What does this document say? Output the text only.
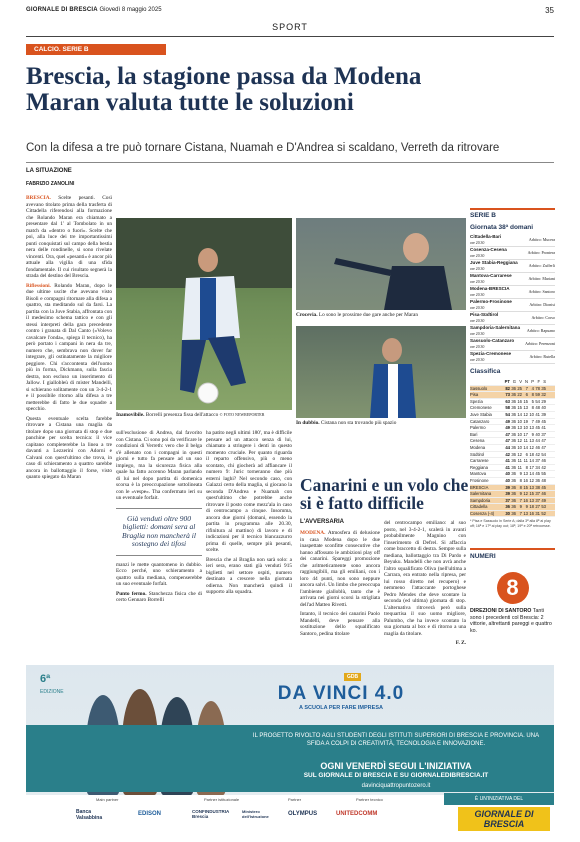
GIORNALE DI BRESCIA Giovedì 8 maggio 2025	35
SPORT
CALCIO. SERIE B
Brescia, la stagione passa da Modena
Maran valuta tutte le soluzioni
Con la difesa a tre può tornare Cistana, Nuamah e D'Andrea si scaldano, Verreth da ritrovare
LA SITUAZIONE
FABRIZIO ZANOLINI

BRESCIA. Scelte pesanti. Così avevano titolato prima della trasferta di Cittadella riferendosi alla formazione che Rolando Maran era chiamato a presentare dal 1' al Tombolato in un match da «dentro o fuori». Scelte che poi, alla luce dei tre importantissimi punti conquistati sul campo della bestia nera delle rondinelle, si sono rivelate vincenti. Ora, quel «pesanti» è ancor più attuale alla vigilia di una sfida fondamentale. Il cui risultato segnerà la strada del destino del Brescia.

Riflessioni. Rolando Maran, dopo le due ultime uscite che avevano visto Bisoli e compagni ritornare alla difesa a quattro, sta meditando sul da farsi. La partita con la Juve Stabia, affrontata con il medesimo schema tattico e con gli stessi interpreti della gara precedente contro i granata di Dal Canto («Volevo cavalcare l'onda», spiega il tecnico), ha però portato i campani in nera da tre, numero che, sembrava non dover far integrare, gli ostinatamente la migliore peggiore. Chi s'accontenta dell'uomo più in forma, Dickmann, sulla fascia destra, non escluso un inserimento di Jallow. I giallobleù di mister Mandelli, si schierano solitamente con un 3-4-2-1 e il possibile ritorno alla difesa a tre metterebbe di fatto le due squadre a specchio.

Questa eventuale scelta farebbe ritrovare a Cistana una maglia da titolare dopo una giornata di stop e due panchine per scelta tecnica: il vice capitano completerebbe la linea a tre davanti a Lezzerini con Adorni e Calvani con quest'ultimo che trova, in caso di schieramento a quattro sarebbe ancora in ballottaggio il forse, visto quanto spiegato da Maran

Inamovibile. Borrelli presenza fissa dell'attacco © FOTO NEWREPORTER
Croceviа. Lo sono le prossime due gare anche per Maran
In dubbio. Cistana non sta trovando più spazio

sull'esclusione di Andrea, dal favorito con Cistana. Ci sono poi da verificare le condizioni di Verreth: vero che il belga s'è allenato con i compagni in questi giorni e tutto fa pensare ad un suo impiego, ma la sicurezza fisica alla quale ha fatto accenno Maran parlando di lui nel dopo partita di domenica scorsa è la preoccupazione sottolineata con le «vespe». Tha confermato ieri su un eventuale forfait.

Già venduti oltre 900 biglietti: domani sera al Braglia non mancherà il sostegno dei tifosi

manzi le mette quantomeno in dubbio. Ecco perché, uno schieramento a quattro sulla mediana, compenserebbe un suo eventuale forfait.

Punto fermo. Stanchezza fisica che di certo Gennaro Borrelli

ha patito negli ultimi 180', ma è difficile pensare ad un attacco senza di lui, chiamato a stringere i denti in questo momento cruciale. Per quanto riguarda il reparto offensivo, più o meno scontato, chi giocherà ad affiancare il numero 9: Juric torneranno due più esterni laghi? Nel secondo caso, con Galazzi certo della maglia, si giocano la seconda D'Andrea e Nuamah con quest'ultimo che potrebbe anche ritrovare il posto come mezz'ala in caso di centrocampo a cinque. Insomma, ancora due giorni (domani, essendo la partita in programma alle 20.30, rifinitura al mattino) di lavoro e di indicazioni per il tecnico biancazzurro prima di quelle, sempre più pesanti, scelte.

Brescia che al Braglia non sarà solo: a ieri sera, erano stati già venduti 915 biglietti nel settore ospiti, numero destinato a crescere nella giornata odierna. Non mancherà quindi il supporto alla squadra.

Canarini e un volo che si è fatto difficile
L'AVVERSARIA

MODENA. Atmosfera di delusione in casa Modena dopo le due inaspettate sconfitte consecutive che hanno affossato le ambizioni play off dei canarini. Spareggi promozione che aritmeticamente sono ancora raggiungibili, ma gli emiliani, con i loro 44 punti, non sono neppure ancora salvi. Un limbo che preoccupa l'ambiente gialloblù, tanto che è arrivata nei giorni scorsi la strigliata dell'ad Matteo Rivetti.

Intanto, il tecnico dei canarini Paolo Mandelli, deve pensare alla sostituzione dello squalificato Santoro, pedina titolare

del centrocampo emiliano: al suo posto, nel 3-4-2-1, scalerà in avanti probabilmente Magnino con l'inserimento di Defrel. Si affaccia come braccetto di destra. Sempre sulla mediana, ballottaggio tra Di Pardo e Beyuku. Mandelli che non avrà anche l'altro squalificato Oliva (nell'ultima a Carrara, era entrato nella ripresa, per lui rosso diretto nel recupero) e nemmeno l'attaccante portoghese Pedro Mendes che deve scontare la seconda (ed ultima) giornata di stop. L'alternativa ritroverà però sulla trequartisa il suo uomo migliore, Palumbo, che ha invece scontato la sua giornata al box e di ritorno a una maglia da titolare.

F. Z.

SERIE B
Giornata 38ª domani
Cittadella-Bari
ore 20.30
Arbitro: Mucera
Cosenza-Cesena
ore 20.30
Arbitro: Prontera
Juve Stabia-Reggiana
ore 20.30
Arbitro: Zufferli
Mantova-Carrarese
ore 20.30
Arbitro: Mariani
Modena-BRESCIA
ore 20.30
Arbitro: Santoro
Palermo-Frosinone
ore 20.30
Arbitro: Dionisi
Pisa-Südtirol
ore 20.30
Arbitro: Corso
Sampdoria-Salernitana
ore 20.30
Arbitro: Rapuano
Sassuolo-Catanzaro
ore 20.30
Arbitro: Perenzoni
Spezia-Cremonese
ore 20.30
Arbitro: Rutella
Classifica
PT G V N P F S
Sassuolo	82 36 25 7 4 78 35
Pisa	73 36 22 6 8 59 32
Spezia	63 36 16 15 5 54 29
Cremonese	58 36 15 13 8 48 40
Juve Stabia	54 36 14 12 10 41 39
Catanzaro	49 36 10 19 7 49 45
Palermo	49 36 13 10 13 45 41
Bari	47 36 10 17 9 40 37
Cesena	47 36 12 11 13 44 47
Modena	44 36 10 14 12 46 47
Südtirol	42 36 12 6 18 42 54
Carrarese	41 36 11 11 14 37 46
Reggiana	41 36 11 8 17 34 42
Mantova	40 36 9 13 14 45 55
Frosinone	40 36 8 16 12 36 48
BRESCIA	39 36 8 15 13 38 45
Salernitana	39 36 9 12 15 37 46
Sampdoria	37 36 7 16 13 37 49
Cittadella	36 36 9 9 18 27 53
Cosenza (-4)	30 36 7 13 16 31 52
* Pisa e Sassuolo in Serie A; dalla 3ª alla 8ª ai play off; 16ª e 17ª ai play out; 18ª, 19ª e 20ª retrocesse.
NUMERI
8
DIREZIONI DI SANTORO Tanti sono i precedenti col Brescia: 2 vittorie, altrettanti pareggi e quattro ko.
6ª
EDIZIONE
GDB
DA VINCI 4.0
A SCUOLA PER FARE IMPRESA
IL PROGETTO RIVOLTO AGLI STUDENTI DEGLI ISTITUTI SUPERIORI DI BRESCIA E PROVINCIA. UNA SFIDA A COLPI DI CREATIVITÀ, TECNOLOGIA E INNOVAZIONE.
OGNI VENERDÌ SEGUI L'INIZIATIVA
SUL GIORNALE DI BRESCIA E SU GIORNALEDIBRESCIA.IT
davinciquattropuntozero.it
Main partner	Partner istituzionale	Partner	Partner tecnico
Banca Valsabbina
EDISON	CONFINDUSTRIA Brescia
Ministero dell'Istruzione	OLYMPUS	UNITEDCOMM
È UN'INIZIATIVA DEL
GIORNALE DI BRESCIA
